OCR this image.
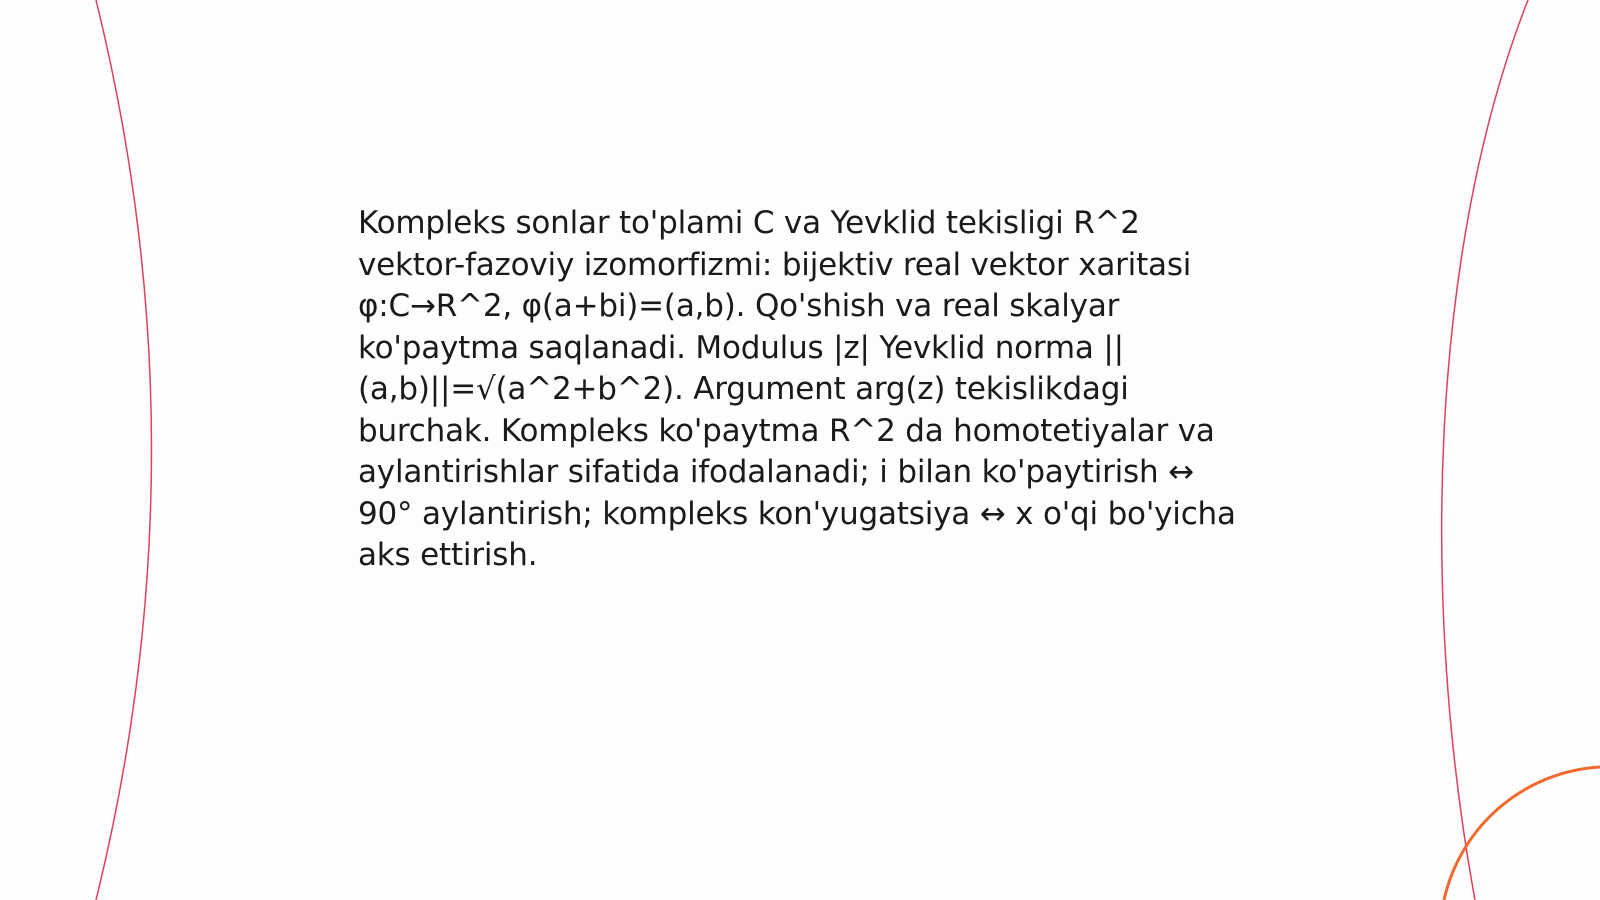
Kompleks sonlar to'plami C va Yevklid tekisligi R^2 vektor-fazoviy izomorfizmi: bijektiv real vektor xaritasi φ:C→R^2, φ(a+bi)=(a,b). Qo'shish va real skalyar ko'paytma saqlanadi. Modulus |z| Yevklid norma ||(a,b)||=√(a^2+b^2). Argument arg(z) tekislikdagi burchak. Kompleks ko'paytma R^2 da homotetiyalar va aylantirishlar sifatida ifodalanadi; i bilan ko'paytirish ↔ 90° aylantirish; kompleks kon'yugatsiya ↔ x o'qi bo'yicha aks ettirish.
